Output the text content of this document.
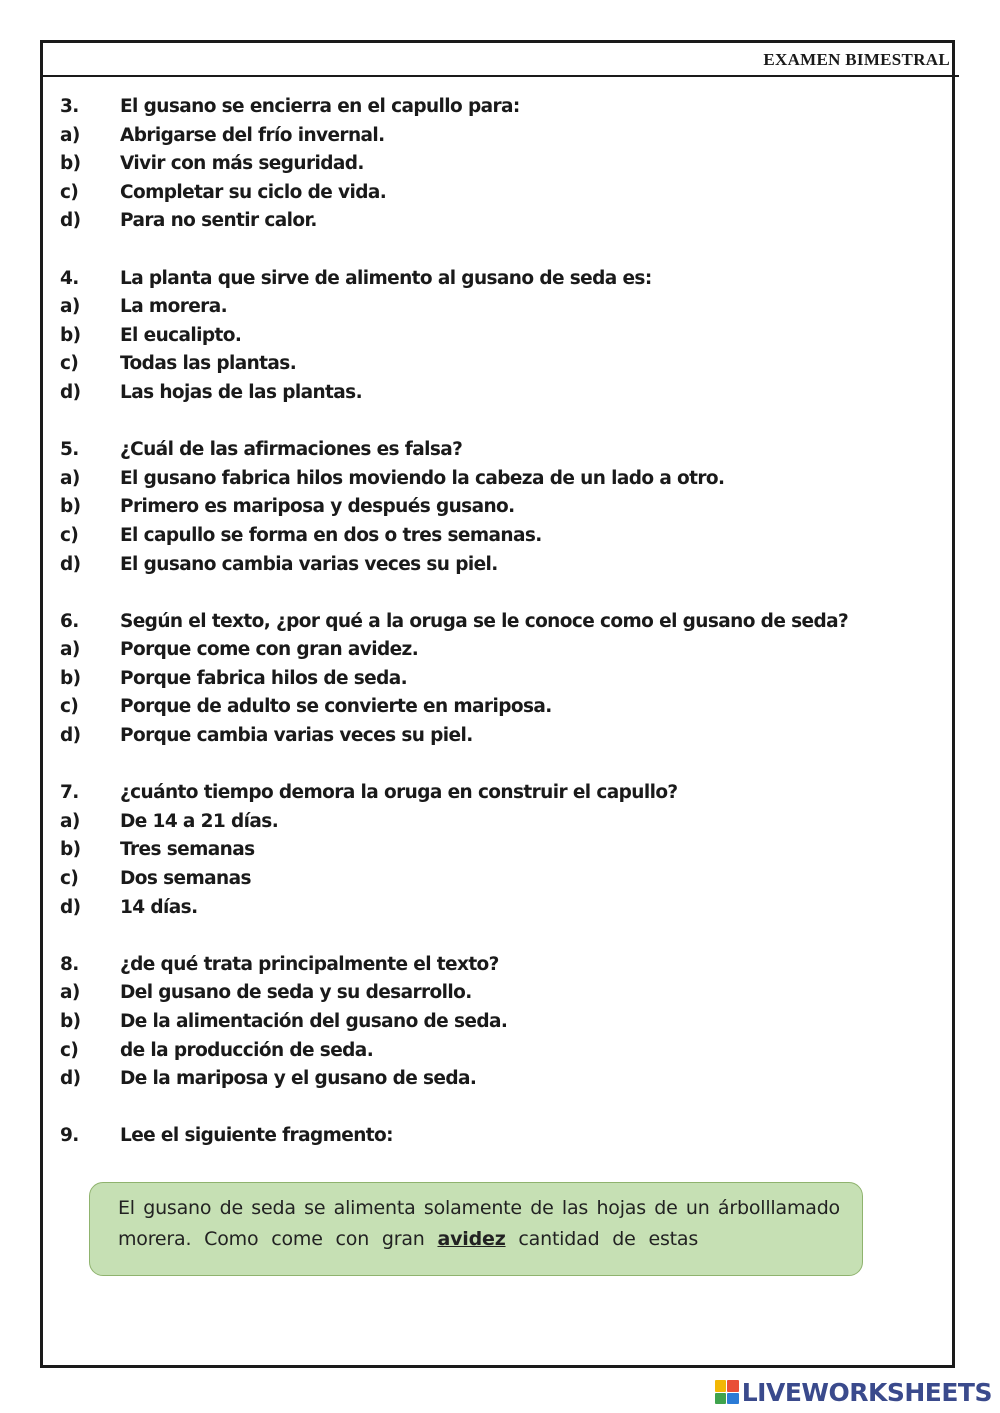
EXAMEN BIMESTRAL
3.	El gusano se encierra en el capullo para:
a)	Abrigarse del frío invernal.
b)	Vivir con más seguridad.
c)	Completar su ciclo de vida.
d)	Para no sentir calor.
4.	La planta que sirve de alimento al gusano de seda es:
a)	La morera.
b)	El eucalipto.
c)	Todas las plantas.
d)	Las hojas de las plantas.
5.	¿Cuál de las afirmaciones es falsa?
a)	El gusano fabrica hilos moviendo la cabeza de un lado a otro.
b)	Primero es mariposa y después gusano.
c)	El capullo se forma en dos o tres semanas.
d)	El gusano cambia varias veces su piel.
6.	Según el texto, ¿por qué a la oruga se le conoce como el gusano de seda?
a)	Porque come con gran avidez.
b)	Porque fabrica hilos de seda.
c)	Porque de adulto se convierte en mariposa.
d)	Porque cambia varias veces su piel.
7.	¿cuánto tiempo demora la oruga en construir el capullo?
a)	De 14 a 21 días.
b)	Tres semanas
c)	Dos semanas
d)	14 días.
8.	¿de qué trata principalmente el texto?
a)	Del gusano de seda y su desarrollo.
b)	De la alimentación del gusano de seda.
c)	de la producción de seda.
d)	De la mariposa y el gusano de seda.
9.	Lee el siguiente fragmento:
El gusano de seda se alimenta solamente de las hojas de un árbolllamado
morera. Como come con gran avidez cantidad de estas
LIVEWORKSHEETS
